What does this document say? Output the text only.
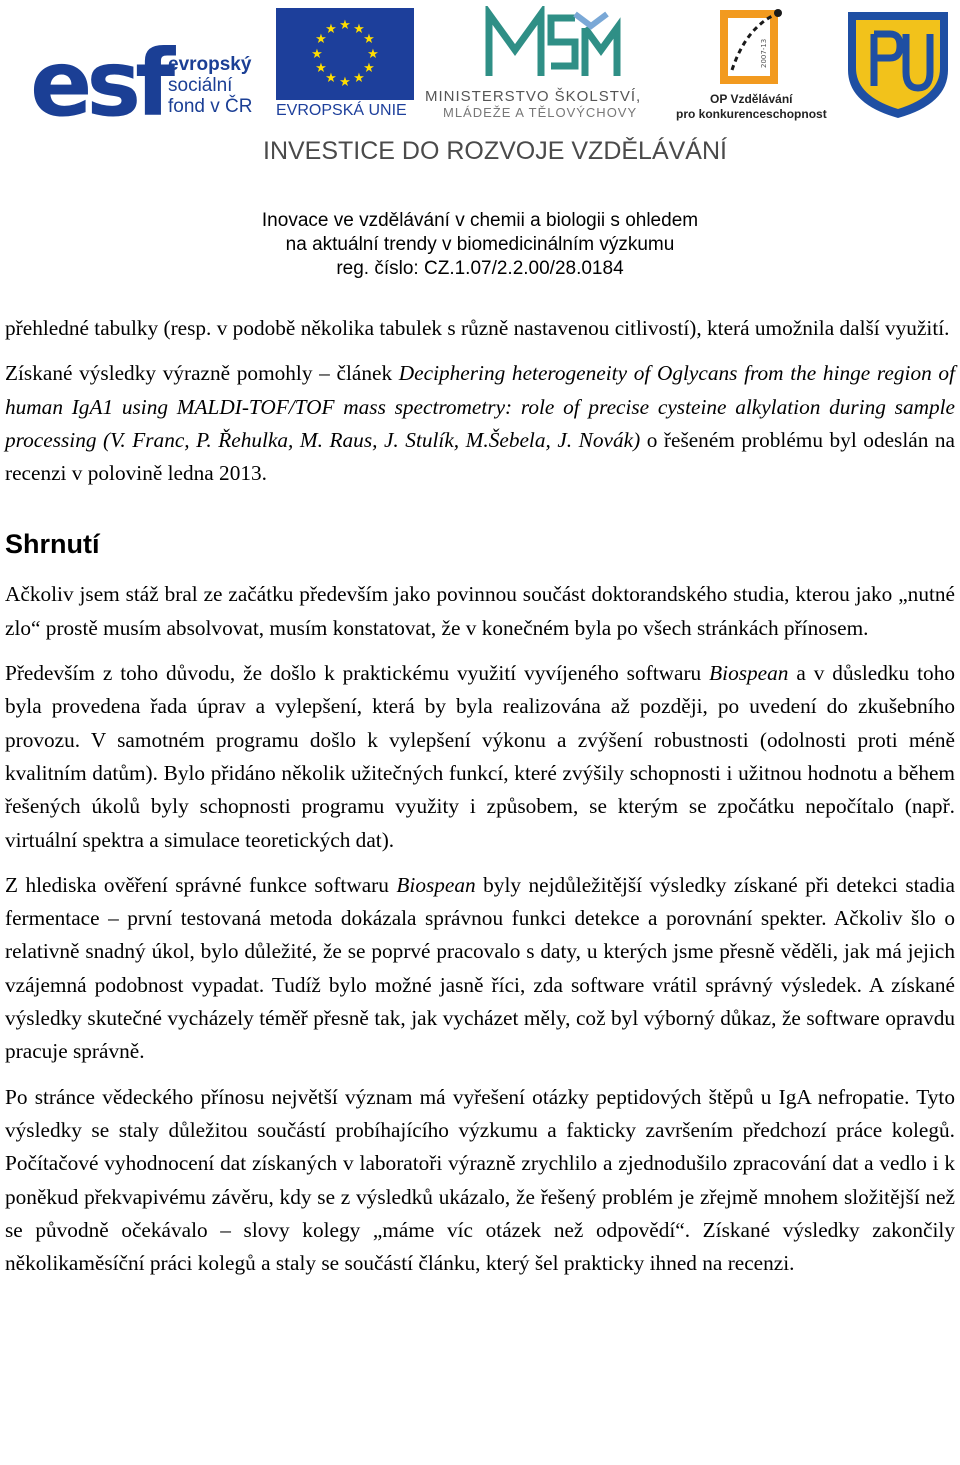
esf
evropský
sociální
fond v ČR
★ ★
★
★
★
★
★
★
★
★
★
★
EVROPSKÁ UNIE
MINISTERSTVO ŠKOLSTVÍ,
MLÁDEŽE A TĚLOVÝCHOVY
2007-13
OP Vzdělávání
pro konkurenceschopnost
INVESTICE DO ROZVOJE VZDĚLÁVÁNÍ
Inovace ve vzdělávání v chemii a biologii s ohledem
na aktuální trendy v biomedicinálním výzkumu
reg. číslo: CZ.1.07/2.2.00/28.0184

přehledné tabulky (resp. v podobě několika tabulek s různě nastavenou citlivostí), která umožnila další využití.

Získané výsledky výrazně pomohly – článek Deciphering heterogeneity of Oglycans from the hinge region of human IgA1 using MALDI-TOF/TOF mass spectrometry: role of precise cysteine alkylation during sample processing (V. Franc, P. Řehulka, M. Raus, J. Stulík, M.Šebela, J. Novák) o řešeném problému byl odeslán na recenzi v polovině ledna 2013.

Shrnutí

Ačkoliv jsem stáž bral ze začátku především jako povinnou součást doktorandského studia, kterou jako „nutné zlo“ prostě musím absolvovat, musím konstatovat, že v konečném byla po všech stránkách přínosem.

Především z toho důvodu, že došlo k praktickému využití vyvíjeného softwaru Biospean a v důsledku toho byla provedena řada úprav a vylepšení, která by byla realizována až později, po uvedení do zkušebního provozu. V samotném programu došlo k vylepšení výkonu a zvýšení robustnosti (odolnosti proti méně kvalitním datům). Bylo přidáno několik užitečných funkcí, které zvýšily schopnosti i užitnou hodnotu a během řešených úkolů byly schopnosti programu využity i způsobem, se kterým se zpočátku nepočítalo (např. virtuální spektra a simulace teoretických dat).

Z hlediska ověření správné funkce softwaru Biospean byly nejdůležitější výsledky získané při detekci stadia fermentace – první testovaná metoda dokázala správnou funkci detekce a porovnání spekter. Ačkoliv šlo o relativně snadný úkol, bylo důležité, že se poprvé pracovalo s daty, u kterých jsme přesně věděli, jak má jejich vzájemná podobnost vypadat. Tudíž bylo možné jasně říci, zda software vrátil správný výsledek. A získané výsledky skutečné vycházely téměř přesně tak, jak vycházet měly, což byl výborný důkaz, že software opravdu pracuje správně.

Po stránce vědeckého přínosu největší význam má vyřešení otázky peptidových štěpů u IgA nefropatie. Tyto výsledky se staly důležitou součástí probíhajícího výzkumu a fakticky završením předchozí práce kolegů. Počítačové vyhodnocení dat získaných v laboratoři výrazně zrychlilo a zjednodušilo zpracování dat a vedlo i k poněkud překvapivému závěru, kdy se z výsledků ukázalo, že řešený problém je zřejmě mnohem složitější než se původně očekávalo – slovy kolegy „máme víc otázek než odpovědí“. Získané výsledky zakončily několikaměsíční práci kolegů a staly se součástí článku, který šel prakticky ihned na recenzi.
